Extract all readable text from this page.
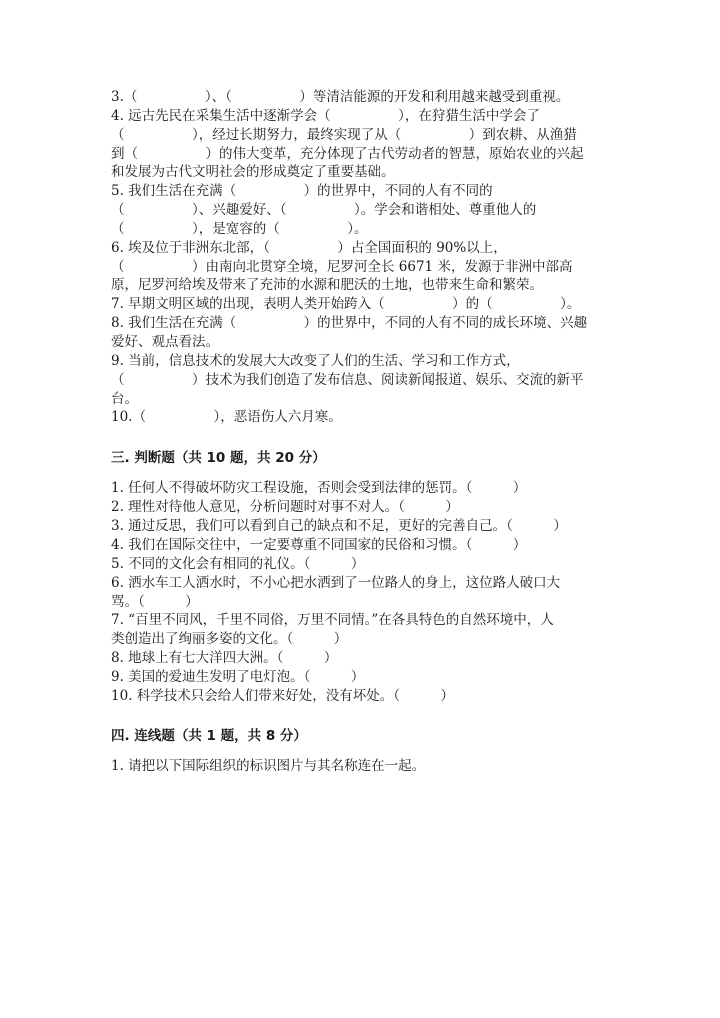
3.（　　　　　）、（　　　　　）等清洁能源的开发和利用越来越受到重视。
4. 远古先民在采集生活中逐渐学会（　　　　　），在狩猎生活中学会了
（　　　　　），经过长期努力，最终实现了从（　　　　　）到农耕、从渔猎
到（　　　　　）的伟大变革，充分体现了古代劳动者的智慧，原始农业的兴起
和发展为古代文明社会的形成奠定了重要基础。
5. 我们生活在充满（　　　　　）的世界中，不同的人有不同的
（　　　　　）、兴趣爱好、（　　　　　）。学会和谐相处、尊重他人的
（　　　　　），是宽容的（　　　　　）。
6. 埃及位于非洲东北部，（　　　　　）占全国面积的 90%以上，
（　　　　　）由南向北贯穿全境，尼罗河全长 6671 米，发源于非洲中部高
原，尼罗河给埃及带来了充沛的水源和肥沃的土地，也带来生命和繁荣。
7. 早期文明区域的出现，表明人类开始跨入（　　　　　）的（　　　　　）。
8. 我们生活在充满（　　　　　）的世界中，不同的人有不同的成长环境、兴趣
爱好、观点看法。
9. 当前，信息技术的发展大大改变了人们的生活、学习和工作方式，
（　　　　　）技术为我们创造了发布信息、阅读新闻报道、娱乐、交流的新平
台。
10.（　　　　　），恶语伤人六月寒。
三. 判断题（共 10 题，共 20 分）
1. 任何人不得破坏防灾工程设施，否则会受到法律的惩罚。（　　　）
2. 理性对待他人意见，分析问题时对事不对人。（　　　）
3. 通过反思，我们可以看到自己的缺点和不足，更好的完善自己。（　　　）
4. 我们在国际交往中，一定要尊重不同国家的民俗和习惯。（　　　）
5. 不同的文化会有相同的礼仪。（　　　）
6. 洒水车工人洒水时，不小心把水洒到了一位路人的身上，这位路人破口大
骂。（　　　）
7. “百里不同风，千里不同俗，万里不同情。”在各具特色的自然环境中，人
类创造出了绚丽多姿的文化。（　　　）
8. 地球上有七大洋四大洲。（　　　）
9. 美国的爱迪生发明了电灯泡。（　　　）
10. 科学技术只会给人们带来好处，没有坏处。（　　　）
四. 连线题（共 1 题，共 8 分）
1. 请把以下国际组织的标识图片与其名称连在一起。
